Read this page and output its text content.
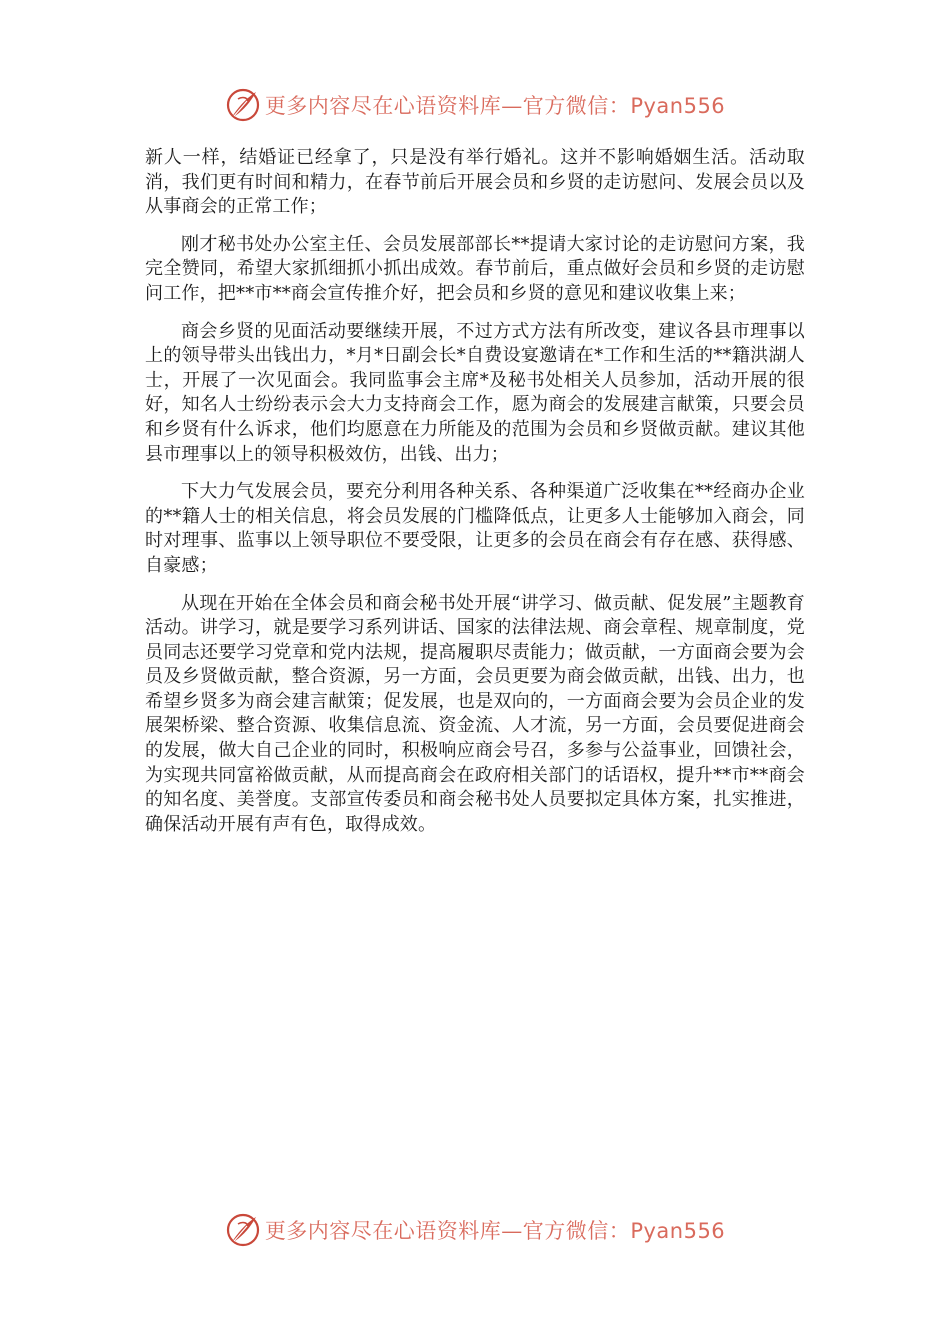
更多内容尽在心语资料库—官方微信：Pyan556

新人一样，结婚证已经拿了，只是没有举行婚礼。这并不影响婚姻生活。活动取消，我们更有时间和精力，在春节前后开展会员和乡贤的走访慰问、发展会员以及从事商会的正常工作；

刚才秘书处办公室主任、会员发展部部长**提请大家讨论的走访慰问方案，我完全赞同，希望大家抓细抓小抓出成效。春节前后，重点做好会员和乡贤的走访慰问工作，把**市**商会宣传推介好，把会员和乡贤的意见和建议收集上来；

商会乡贤的见面活动要继续开展，不过方式方法有所改变，建议各县市理事以上的领导带头出钱出力，*月*日副会长*自费设宴邀请在*工作和生活的**籍洪湖人士，开展了一次见面会。我同监事会主席*及秘书处相关人员参加，活动开展的很好，知名人士纷纷表示会大力支持商会工作，愿为商会的发展建言献策，只要会员和乡贤有什么诉求，他们均愿意在力所能及的范围为会员和乡贤做贡献。建议其他县市理事以上的领导积极效仿，出钱、出力；

下大力气发展会员，要充分利用各种关系、各种渠道广泛收集在**经商办企业的**籍人士的相关信息，将会员发展的门槛降低点，让更多人士能够加入商会，同时对理事、监事以上领导职位不要受限，让更多的会员在商会有存在感、获得感、自豪感；

从现在开始在全体会员和商会秘书处开展“讲学习、做贡献、促发展”主题教育活动。讲学习，就是要学习系列讲话、国家的法律法规、商会章程、规章制度，党员同志还要学习党章和党内法规，提高履职尽责能力；做贡献，一方面商会要为会员及乡贤做贡献，整合资源，另一方面，会员更要为商会做贡献，出钱、出力，也希望乡贤多为商会建言献策；促发展，也是双向的，一方面商会要为会员企业的发展架桥梁、整合资源、收集信息流、资金流、人才流，另一方面，会员要促进商会的发展，做大自己企业的同时，积极响应商会号召，多参与公益事业，回馈社会，为实现共同富裕做贡献，从而提高商会在政府相关部门的话语权，提升**市**商会的知名度、美誉度。支部宣传委员和商会秘书处人员要拟定具体方案，扎实推进，确保活动开展有声有色，取得成效。

更多内容尽在心语资料库—官方微信：Pyan556
